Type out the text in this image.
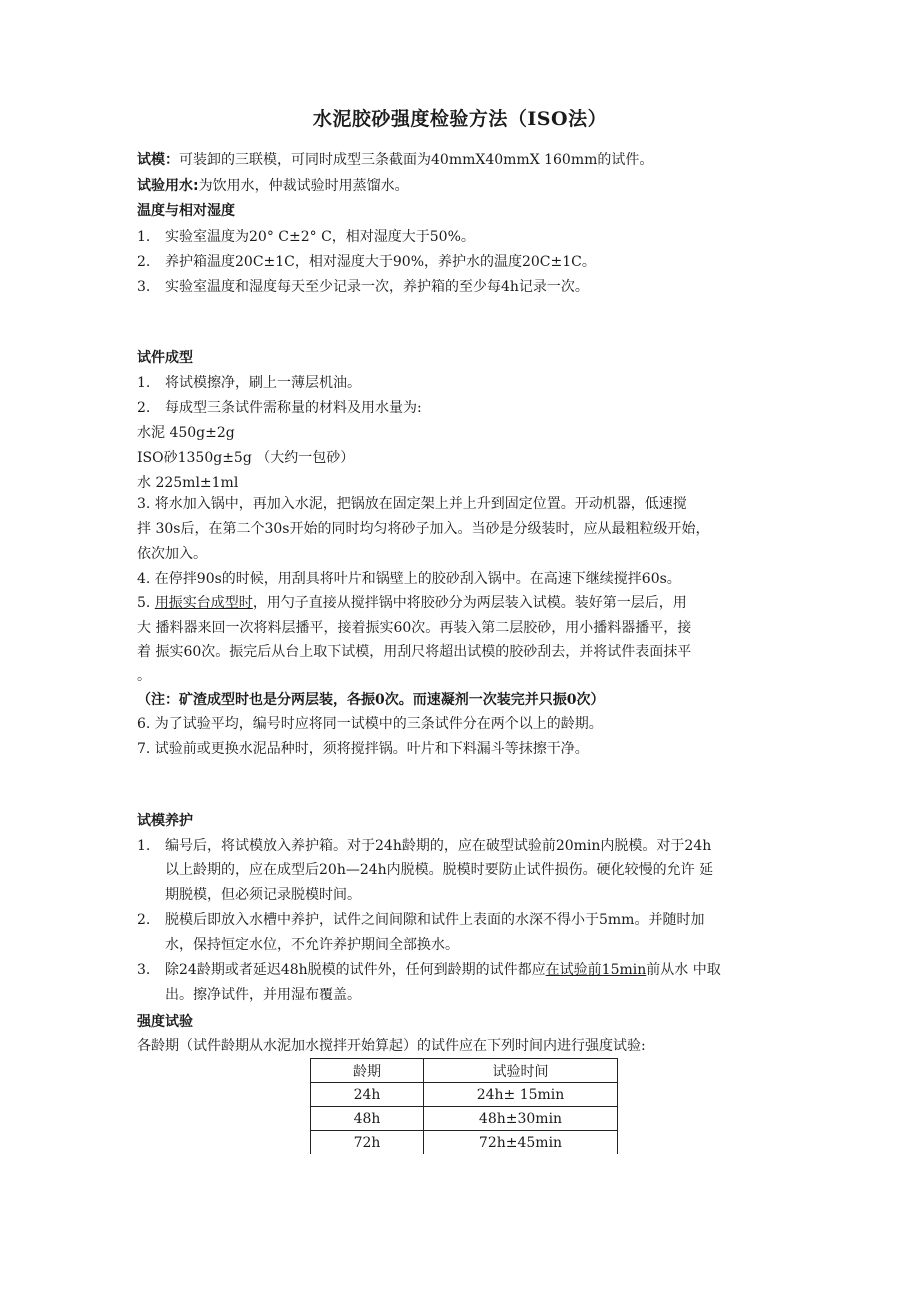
水泥胶砂强度检验方法（ISO法）
试模：可装卸的三联模，可同时成型三条截面为40mmX40mmX 160mm的试件。
试验用水:为饮用水，仲裁试验时用蒸馏水。
温度与相对湿度
1. 实验室温度为20° C±2° C，相对湿度大于50%。
2. 养护箱温度20C±1C，相对湿度大于90%，养护水的温度20C±1C。
3. 实验室温度和湿度每天至少记录一次，养护箱的至少每4h记录一次。
试件成型
1. 将试模擦净，刷上一薄层机油。
2. 每成型三条试件需称量的材料及用水量为:
水泥 450g±2g
ISO砂1350g±5g （大约一包砂）
水 225ml±1ml
3. 将水加入锅中，再加入水泥，把锅放在固定架上并上升到固定位置。开动机器，低速搅
拌 30s后，在第二个30s开始的同时均匀将砂子加入。当砂是分级装时，应从最粗粒级开始，
依次加入。
4. 在停拌90s的时候，用刮具将叶片和锅壁上的胶砂刮入锅中。在高速下继续搅拌60s。
5. 用振实台成型时，用勺子直接从搅拌锅中将胶砂分为两层装入试模。装好第一层后，用
大 播料器来回一次将料层播平，接着振实60次。再装入第二层胶砂，用小播料器播平，接
着 振实60次。振完后从台上取下试模，用刮尺将超出试模的胶砂刮去，并将试件表面抹平
。
（注：矿渣成型时也是分两层装，各振0次。而速凝剂一次装完并只振0次）
6. 为了试验平均，编号时应将同一试模中的三条试件分在两个以上的龄期。
7. 试验前或更换水泥品种时，须将搅拌锅。叶片和下料漏斗等抹擦干净。
试模养护
1. 编号后，将试模放入养护箱。对于24h龄期的，应在破型试验前20min内脱模。对于24h
以上龄期的，应在成型后20h—24h内脱模。脱模时要防止试件损伤。硬化较慢的允许 延
期脱模，但必须记录脱模时间。
2. 脱模后即放入水槽中养护，试件之间间隙和试件上表面的水深不得小于5mm。并随时加
水，保持恒定水位，不允许养护期间全部换水。
3. 除24龄期或者延迟48h脱模的试件外，任何到龄期的试件都应在试验前15min前从水 中取
出。擦净试件，并用湿布覆盖。
强度试验
各龄期（试件龄期从水泥加水搅拌开始算起）的试件应在下列时间内进行强度试验:
龄期	试验时间
24h	24h± 15min
48h	48h±30min
72h	72h±45min
